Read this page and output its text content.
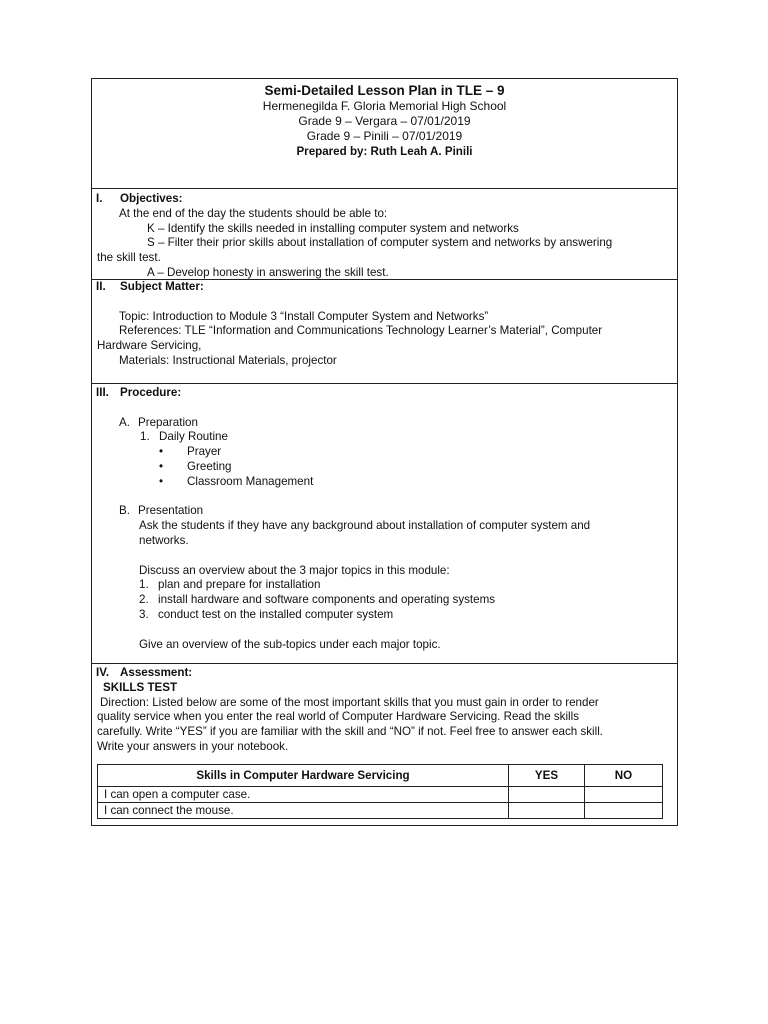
Semi-Detailed Lesson Plan in TLE – 9
Hermenegilda F. Gloria Memorial High School
Grade 9 – Vergara – 07/01/2019
Grade 9 – Pinili – 07/01/2019
Prepared by: Ruth Leah A. Pinili
I. Objectives:
At the end of the day the students should be able to:
K – Identify the skills needed in installing computer system and networks
S – Filter their prior skills about installation of computer system and networks by answering
the skill test.
A – Develop honesty in answering the skill test.
II. Subject Matter:
Topic: Introduction to Module 3 “Install Computer System and Networks”
References: TLE “Information and Communications Technology Learner’s Material”, Computer
Hardware Servicing,
Materials: Instructional Materials, projector
III. Procedure:
A. Preparation
1. Daily Routine
•	Prayer
•	Greeting
•	Classroom Management
B. Presentation
Ask the students if they have any background about installation of computer system and
networks.
Discuss an overview about the 3 major topics in this module:
1. plan and prepare for installation
2. install hardware and software components and operating systems
3. conduct test on the installed computer system
Give an overview of the sub-topics under each major topic.
IV. Assessment:
SKILLS TEST
Direction: Listed below are some of the most important skills that you must gain in order to render
quality service when you enter the real world of Computer Hardware Servicing. Read the skills
carefully. Write “YES” if you are familiar with the skill and “NO” if not. Feel free to answer each skill.
Write your answers in your notebook.
Skills in Computer Hardware Servicing	YES	NO
I can open a computer case.		
I can connect the mouse.		
